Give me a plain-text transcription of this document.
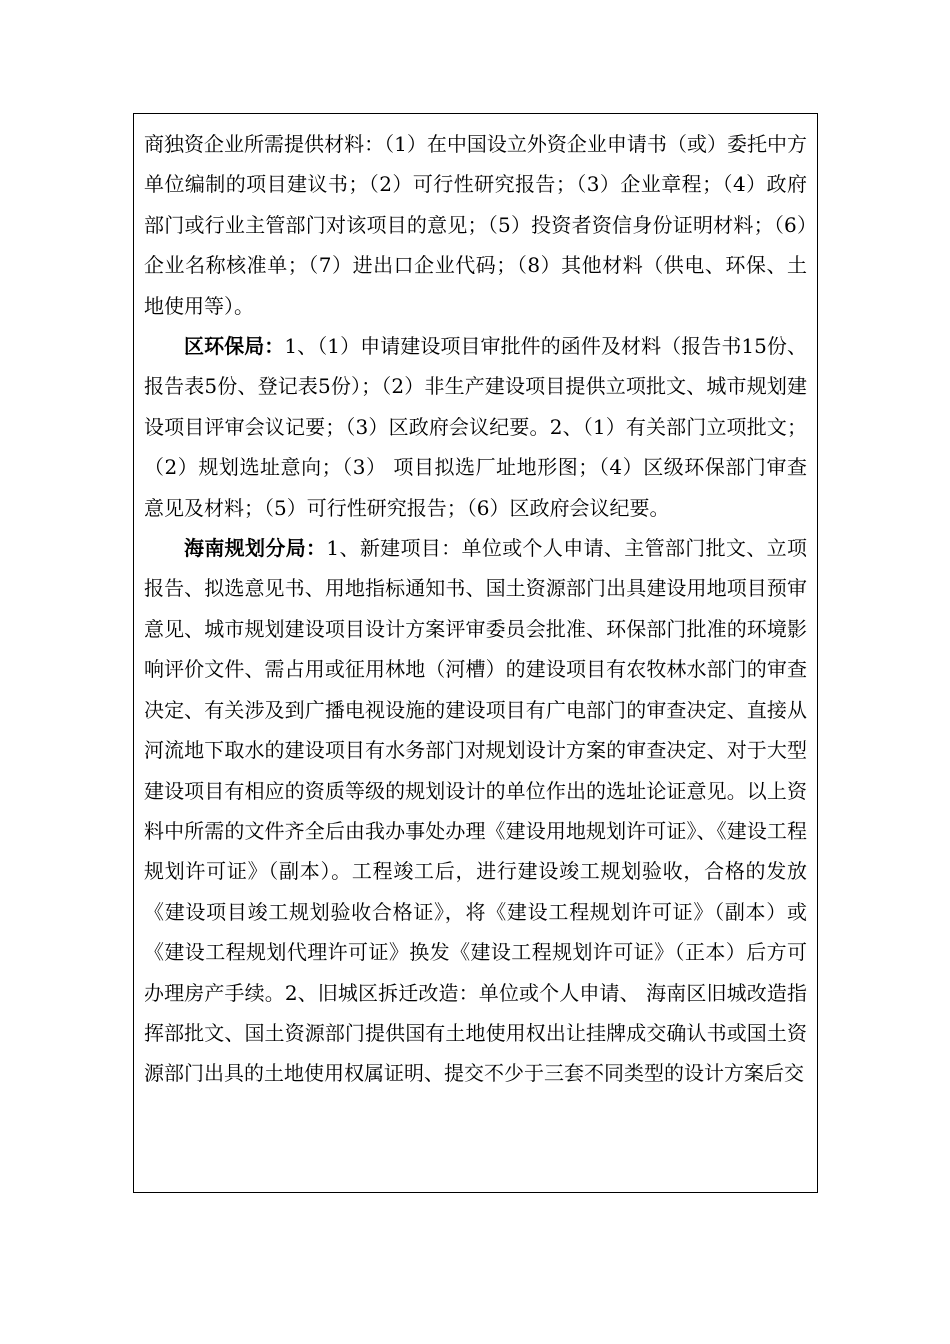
商独资企业所需提供材料：（1）在中国设立外资企业申请书（或）委托中方单位编制的项目建议书；（2）可行性研究报告；（3）企业章程；（4）政府部门或行业主管部门对该项目的意见；（5）投资者资信身份证明材料；（6）企业名称核准单；（7）进出口企业代码；（8）其他材料（供电、环保、土地使用等）。

区环保局：1、（1）申请建设项目审批件的函件及材料（报告书15份、报告表5份、登记表5份）；（2）非生产建设项目提供立项批文、城市规划建设项目评审会议记要；（3）区政府会议纪要。2、（1）有关部门立项批文；（2）规划选址意向；（3） 项目拟选厂址地形图；（4）区级环保部门审查意见及材料；（5）可行性研究报告；（6）区政府会议纪要。

海南规划分局：1、新建项目：单位或个人申请、主管部门批文、立项报告、拟选意见书、用地指标通知书、国土资源部门出具建设用地项目预审意见、城市规划建设项目设计方案评审委员会批准、环保部门批准的环境影响评价文件、需占用或征用林地（河槽）的建设项目有农牧林水部门的审查决定、有关涉及到广播电视设施的建设项目有广电部门的审查决定、直接从河流地下取水的建设项目有水务部门对规划设计方案的审查决定、对于大型建设项目有相应的资质等级的规划设计的单位作出的选址论证意见。以上资料中所需的文件齐全后由我办事处办理《建设用地规划许可证》、《建设工程规划许可证》（副本）。工程竣工后，进行建设竣工规划验收，合格的发放《建设项目竣工规划验收合格证》，将《建设工程规划许可证》（副本）或《建设工程规划代理许可证》换发《建设工程规划许可证》（正本）后方可办理房产手续。2、旧城区拆迁改造：单位或个人申请、 海南区旧城改造指挥部批文、国土资源部门提供国有土地使用权出让挂牌成交确认书或国土资源部门出具的土地使用权属证明、提交不少于三套不同类型的设计方案后交
